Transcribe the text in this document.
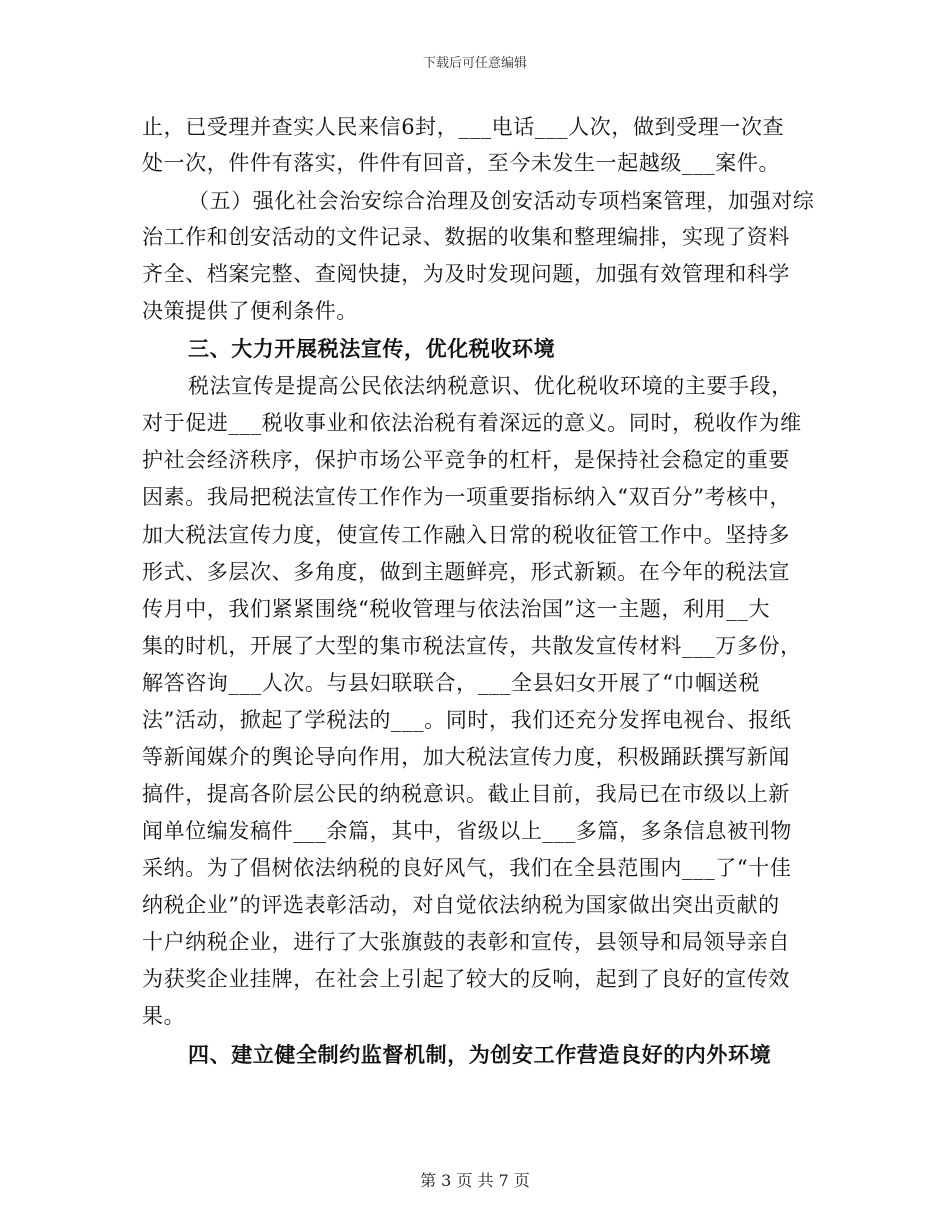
下载后可任意编辑
止，已受理并查实人民来信6封，___电话___人次，做到受理一次查
处一次，件件有落实，件件有回音，至今未发生一起越级___案件。
（五）强化社会治安综合治理及创安活动专项档案管理，加强对综
治工作和创安活动的文件记录、数据的收集和整理编排，实现了资料
齐全、档案完整、查阅快捷，为及时发现问题，加强有效管理和科学
决策提供了便利条件。
三、大力开展税法宣传，优化税收环境
税法宣传是提高公民依法纳税意识、优化税收环境的主要手段，
对于促进___税收事业和依法治税有着深远的意义。同时，税收作为维
护社会经济秩序，保护市场公平竞争的杠杆，是保持社会稳定的重要
因素。我局把税法宣传工作作为一项重要指标纳入“双百分”考核中，
加大税法宣传力度，使宣传工作融入日常的税收征管工作中。坚持多
形式、多层次、多角度，做到主题鲜亮，形式新颖。在今年的税法宣
传月中，我们紧紧围绕“税收管理与依法治国”这一主题，利用__大
集的时机，开展了大型的集市税法宣传，共散发宣传材料___万多份，
解答咨询___人次。与县妇联联合，___全县妇女开展了“巾帼送税
法”活动，掀起了学税法的___。同时，我们还充分发挥电视台、报纸
等新闻媒介的舆论导向作用，加大税法宣传力度，积极踊跃撰写新闻
搞件，提高各阶层公民的纳税意识。截止目前，我局已在市级以上新
闻单位编发稿件___余篇，其中，省级以上___多篇，多条信息被刊物
采纳。为了倡树依法纳税的良好风气，我们在全县范围内___了“十佳
纳税企业”的评选表彰活动，对自觉依法纳税为国家做出突出贡献的
十户纳税企业，进行了大张旗鼓的表彰和宣传，县领导和局领导亲自
为获奖企业挂牌，在社会上引起了较大的反响，起到了良好的宣传效
果。
四、建立健全制约监督机制，为创安工作营造良好的内外环境
第 3 页 共 7 页
